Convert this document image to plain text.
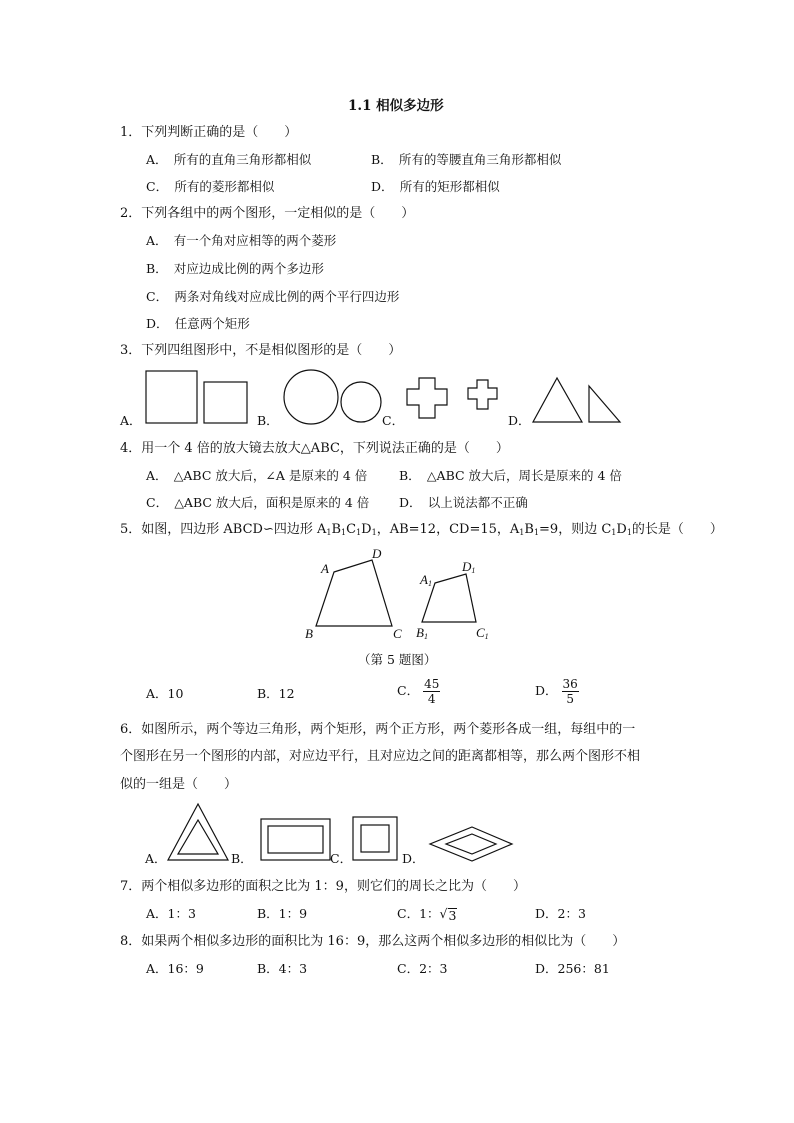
1.1 相似多边形
1．下列判断正确的是（　　）
A．　所有的直角三角形都相似	B．　所有的等腰直角三角形都相似
C．　所有的菱形都相似	D．　所有的矩形都相似
2．下列各组中的两个图形，一定相似的是（　　）
A．　有一个角对应相等的两个菱形
B．　对应边成比例的两个多边形
C．　两条对角线对应成比例的两个平行四边形
D．　任意两个矩形
3．下列四组图形中，不是相似图形的是（　　）
A．	B．	C．	D．
4．用一个 4 倍的放大镜去放大△ABC，下列说法正确的是（　　）
A．　△ABC 放大后，∠A 是原来的 4 倍	B．　△ABC 放大后，周长是原来的 4 倍
C．　△ABC 放大后，面积是原来的 4 倍 D．　以上说法都不正确
5．如图，四边形 ABCD∽四边形 $A_1B_1C_1D_1$，AB=12，CD=15，$A_1B_1=9$，则边 $C_1D_1$的长是（　　）
A
D
B	C
$A_1$
$D_1$
$B_1$	$C_1$
（第 5 题图）
A．10	B．12	C． $\frac{45}{4}$	D． $\frac{36}{5}$
6．如图所示，两个等边三角形，两个矩形，两个正方形，两个菱形各成一组，每组中的一
个图形在另一个图形的内部，对应边平行，且对应边之间的距离都相等，那么两个图形不相
似的一组是（　　）
A．	B．	C．	D．
7．两个相似多边形的面积之比为 1：9，则它们的周长之比为（　　）
A．1：3	B．1：9	C．1： √ 3	D．2：3
8．如果两个相似多边形的面积比为 16：9，那么这两个相似多边形的相似比为（　　）
A．16：9	B．4：3	C．2：3	D．256：81
